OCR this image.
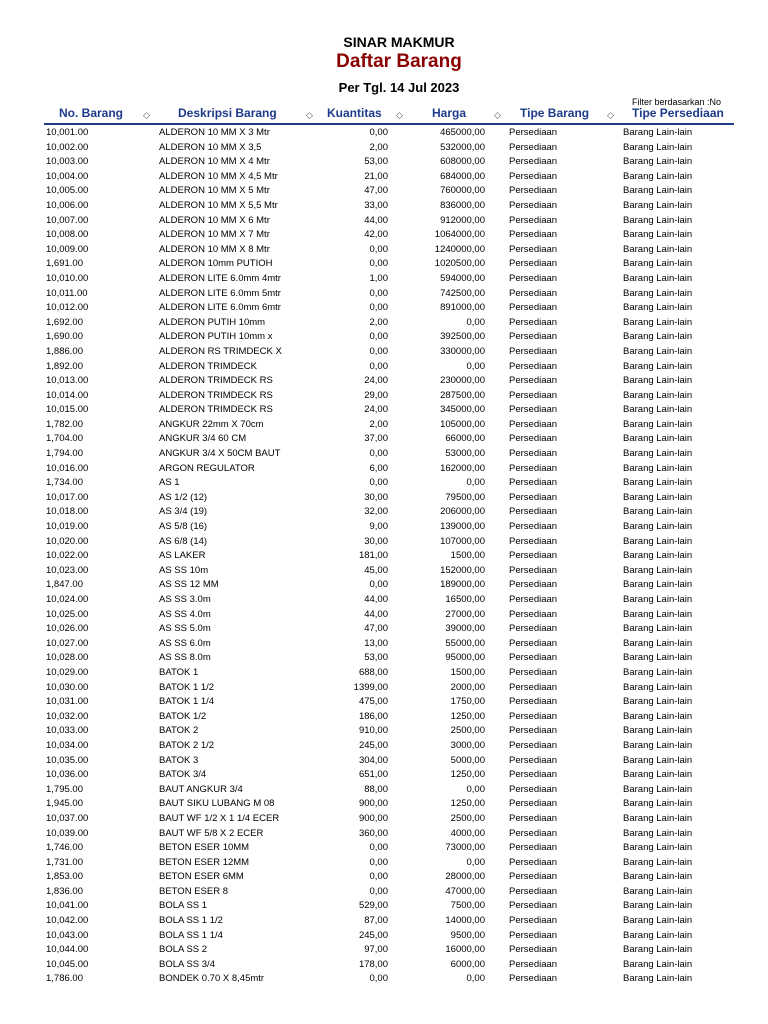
SINAR MAKMUR
Daftar Barang
Per Tgl. 14 Jul 2023
Filter berdasarkan :No
No. Barang ◇ Deskripsi Barang	◇ Kuantitas ◇ Harga	◇ Tipe Barang ◇ Tipe Persediaan
10,001.00	ALDERON 10 MM X 3 Mtr	0,00	465000,00	Persediaan	Barang Lain-lain
10,002.00	ALDERON 10 MM X 3,5	2,00	532000,00	Persediaan	Barang Lain-lain
10,003.00	ALDERON 10 MM X 4 Mtr	53,00	608000,00	Persediaan	Barang Lain-lain
10,004.00	ALDERON 10 MM X 4,5 Mtr	21,00	684000,00	Persediaan	Barang Lain-lain
10,005.00	ALDERON 10 MM X 5 Mtr	47,00	760000,00	Persediaan	Barang Lain-lain
10,006.00	ALDERON 10 MM X 5,5 Mtr	33,00	836000,00	Persediaan	Barang Lain-lain
10,007.00	ALDERON 10 MM X 6 Mtr	44,00	912000,00	Persediaan	Barang Lain-lain
10,008.00	ALDERON 10 MM X 7 Mtr	42,00	1064000,00	Persediaan	Barang Lain-lain
10,009.00	ALDERON 10 MM X 8 Mtr	0,00	1240000,00	Persediaan	Barang Lain-lain
1,691.00	ALDERON 10mm PUTIOH	0,00	1020500,00	Persediaan	Barang Lain-lain
10,010.00	ALDERON LITE 6.0mm 4mtr	1,00	594000,00	Persediaan	Barang Lain-lain
10,011.00	ALDERON LITE 6.0mm 5mtr	0,00	742500,00	Persediaan	Barang Lain-lain
10,012.00	ALDERON LITE 6.0mm 6mtr	0,00	891000,00	Persediaan	Barang Lain-lain
1,692.00	ALDERON PUTIH 10mm	2,00	0,00	Persediaan	Barang Lain-lain
1,690.00	ALDERON PUTIH 10mm x	0,00	392500,00	Persediaan	Barang Lain-lain
1,886.00	ALDERON RS TRIMDECK X	0,00	330000,00	Persediaan	Barang Lain-lain
1,892.00	ALDERON TRIMDECK	0,00	0,00	Persediaan	Barang Lain-lain
10,013.00	ALDERON TRIMDECK RS	24,00	230000,00	Persediaan	Barang Lain-lain
10,014.00	ALDERON TRIMDECK RS	29,00	287500,00	Persediaan	Barang Lain-lain
10,015.00	ALDERON TRIMDECK RS	24,00	345000,00	Persediaan	Barang Lain-lain
1,782.00	ANGKUR 22mm X 70cm	2,00	105000,00	Persediaan	Barang Lain-lain
1,704.00	ANGKUR 3/4 60 CM	37,00	66000,00	Persediaan	Barang Lain-lain
1,794.00	ANGKUR 3/4 X 50CM BAUT	0,00	53000,00	Persediaan	Barang Lain-lain
10,016.00	ARGON REGULATOR	6,00	162000,00	Persediaan	Barang Lain-lain
1,734.00	AS 1	0,00	0,00	Persediaan	Barang Lain-lain
10,017.00	AS 1/2 (12)	30,00	79500,00	Persediaan	Barang Lain-lain
10,018.00	AS 3/4 (19)	32,00	206000,00	Persediaan	Barang Lain-lain
10,019.00	AS 5/8 (16)	9,00	139000,00	Persediaan	Barang Lain-lain
10,020.00	AS 6/8 (14)	30,00	107000,00	Persediaan	Barang Lain-lain
10,022.00	AS LAKER	181,00	1500,00	Persediaan	Barang Lain-lain
10,023.00	AS SS 10m	45,00	152000,00	Persediaan	Barang Lain-lain
1,847.00	AS SS 12 MM	0,00	189000,00	Persediaan	Barang Lain-lain
10,024.00	AS SS 3.0m	44,00	16500,00	Persediaan	Barang Lain-lain
10,025.00	AS SS 4.0m	44,00	27000,00	Persediaan	Barang Lain-lain
10,026.00	AS SS 5.0m	47,00	39000,00	Persediaan	Barang Lain-lain
10,027.00	AS SS 6.0m	13,00	55000,00	Persediaan	Barang Lain-lain
10,028.00	AS SS 8.0m	53,00	95000,00	Persediaan	Barang Lain-lain
10,029.00	BATOK 1	688,00	1500,00	Persediaan	Barang Lain-lain
10,030.00	BATOK 1 1/2	1399,00	2000,00	Persediaan	Barang Lain-lain
10,031.00	BATOK 1 1/4	475,00	1750,00	Persediaan	Barang Lain-lain
10,032.00	BATOK 1/2	186,00	1250,00	Persediaan	Barang Lain-lain
10,033.00	BATOK 2	910,00	2500,00	Persediaan	Barang Lain-lain
10,034.00	BATOK 2 1/2	245,00	3000,00	Persediaan	Barang Lain-lain
10,035.00	BATOK 3	304,00	5000,00	Persediaan	Barang Lain-lain
10,036.00	BATOK 3/4	651,00	1250,00	Persediaan	Barang Lain-lain
1,795.00	BAUT ANGKUR 3/4	88,00	0,00	Persediaan	Barang Lain-lain
1,945.00	BAUT SIKU LUBANG M 08	900,00	1250,00	Persediaan	Barang Lain-lain
10,037.00	BAUT WF 1/2 X 1 1/4 ECER	900,00	2500,00	Persediaan	Barang Lain-lain
10,039.00	BAUT WF 5/8 X 2 ECER	360,00	4000,00	Persediaan	Barang Lain-lain
1,746.00	BETON ESER 10MM	0,00	73000,00	Persediaan	Barang Lain-lain
1,731.00	BETON ESER 12MM	0,00	0,00	Persediaan	Barang Lain-lain
1,853.00	BETON ESER 6MM	0,00	28000,00	Persediaan	Barang Lain-lain
1,836.00	BETON ESER 8	0,00	47000,00	Persediaan	Barang Lain-lain
10,041.00	BOLA SS 1	529,00	7500,00	Persediaan	Barang Lain-lain
10,042.00	BOLA SS 1 1/2	87,00	14000,00	Persediaan	Barang Lain-lain
10,043.00	BOLA SS 1 1/4	245,00	9500,00	Persediaan	Barang Lain-lain
10,044.00	BOLA SS 2	97,00	16000,00	Persediaan	Barang Lain-lain
10,045.00	BOLA SS 3/4	178,00	6000,00	Persediaan	Barang Lain-lain
1,786.00	BONDEK 0.70 X 8,45mtr	0,00	0,00	Persediaan	Barang Lain-lain
